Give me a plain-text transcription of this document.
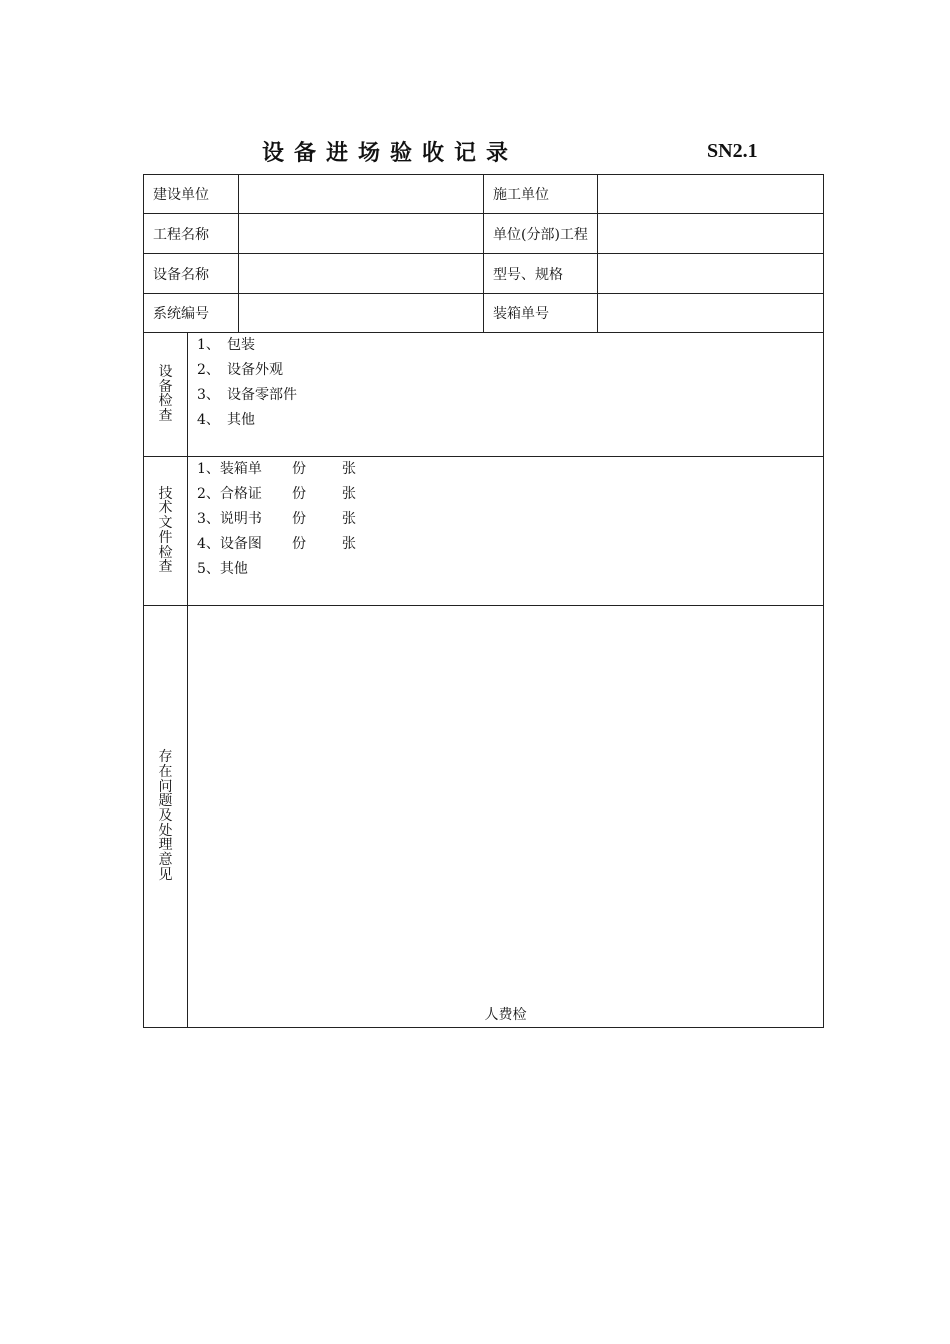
设备进场验收记录	SN2.1
建设单位			施工单位	
工程名称			单位(分部)工程	
设备名称			型号、规格	
系统编号			装箱单号	
设备检查	1、 包装
2、 设备外观
3、 设备零部件
4、 其他			

技术文件检查	1、装箱单 份 张
2、合格证 份 张
3、说明书 份 张
4、设备图 份 张
5、其他			

存在问题及处理意见	人费检			
